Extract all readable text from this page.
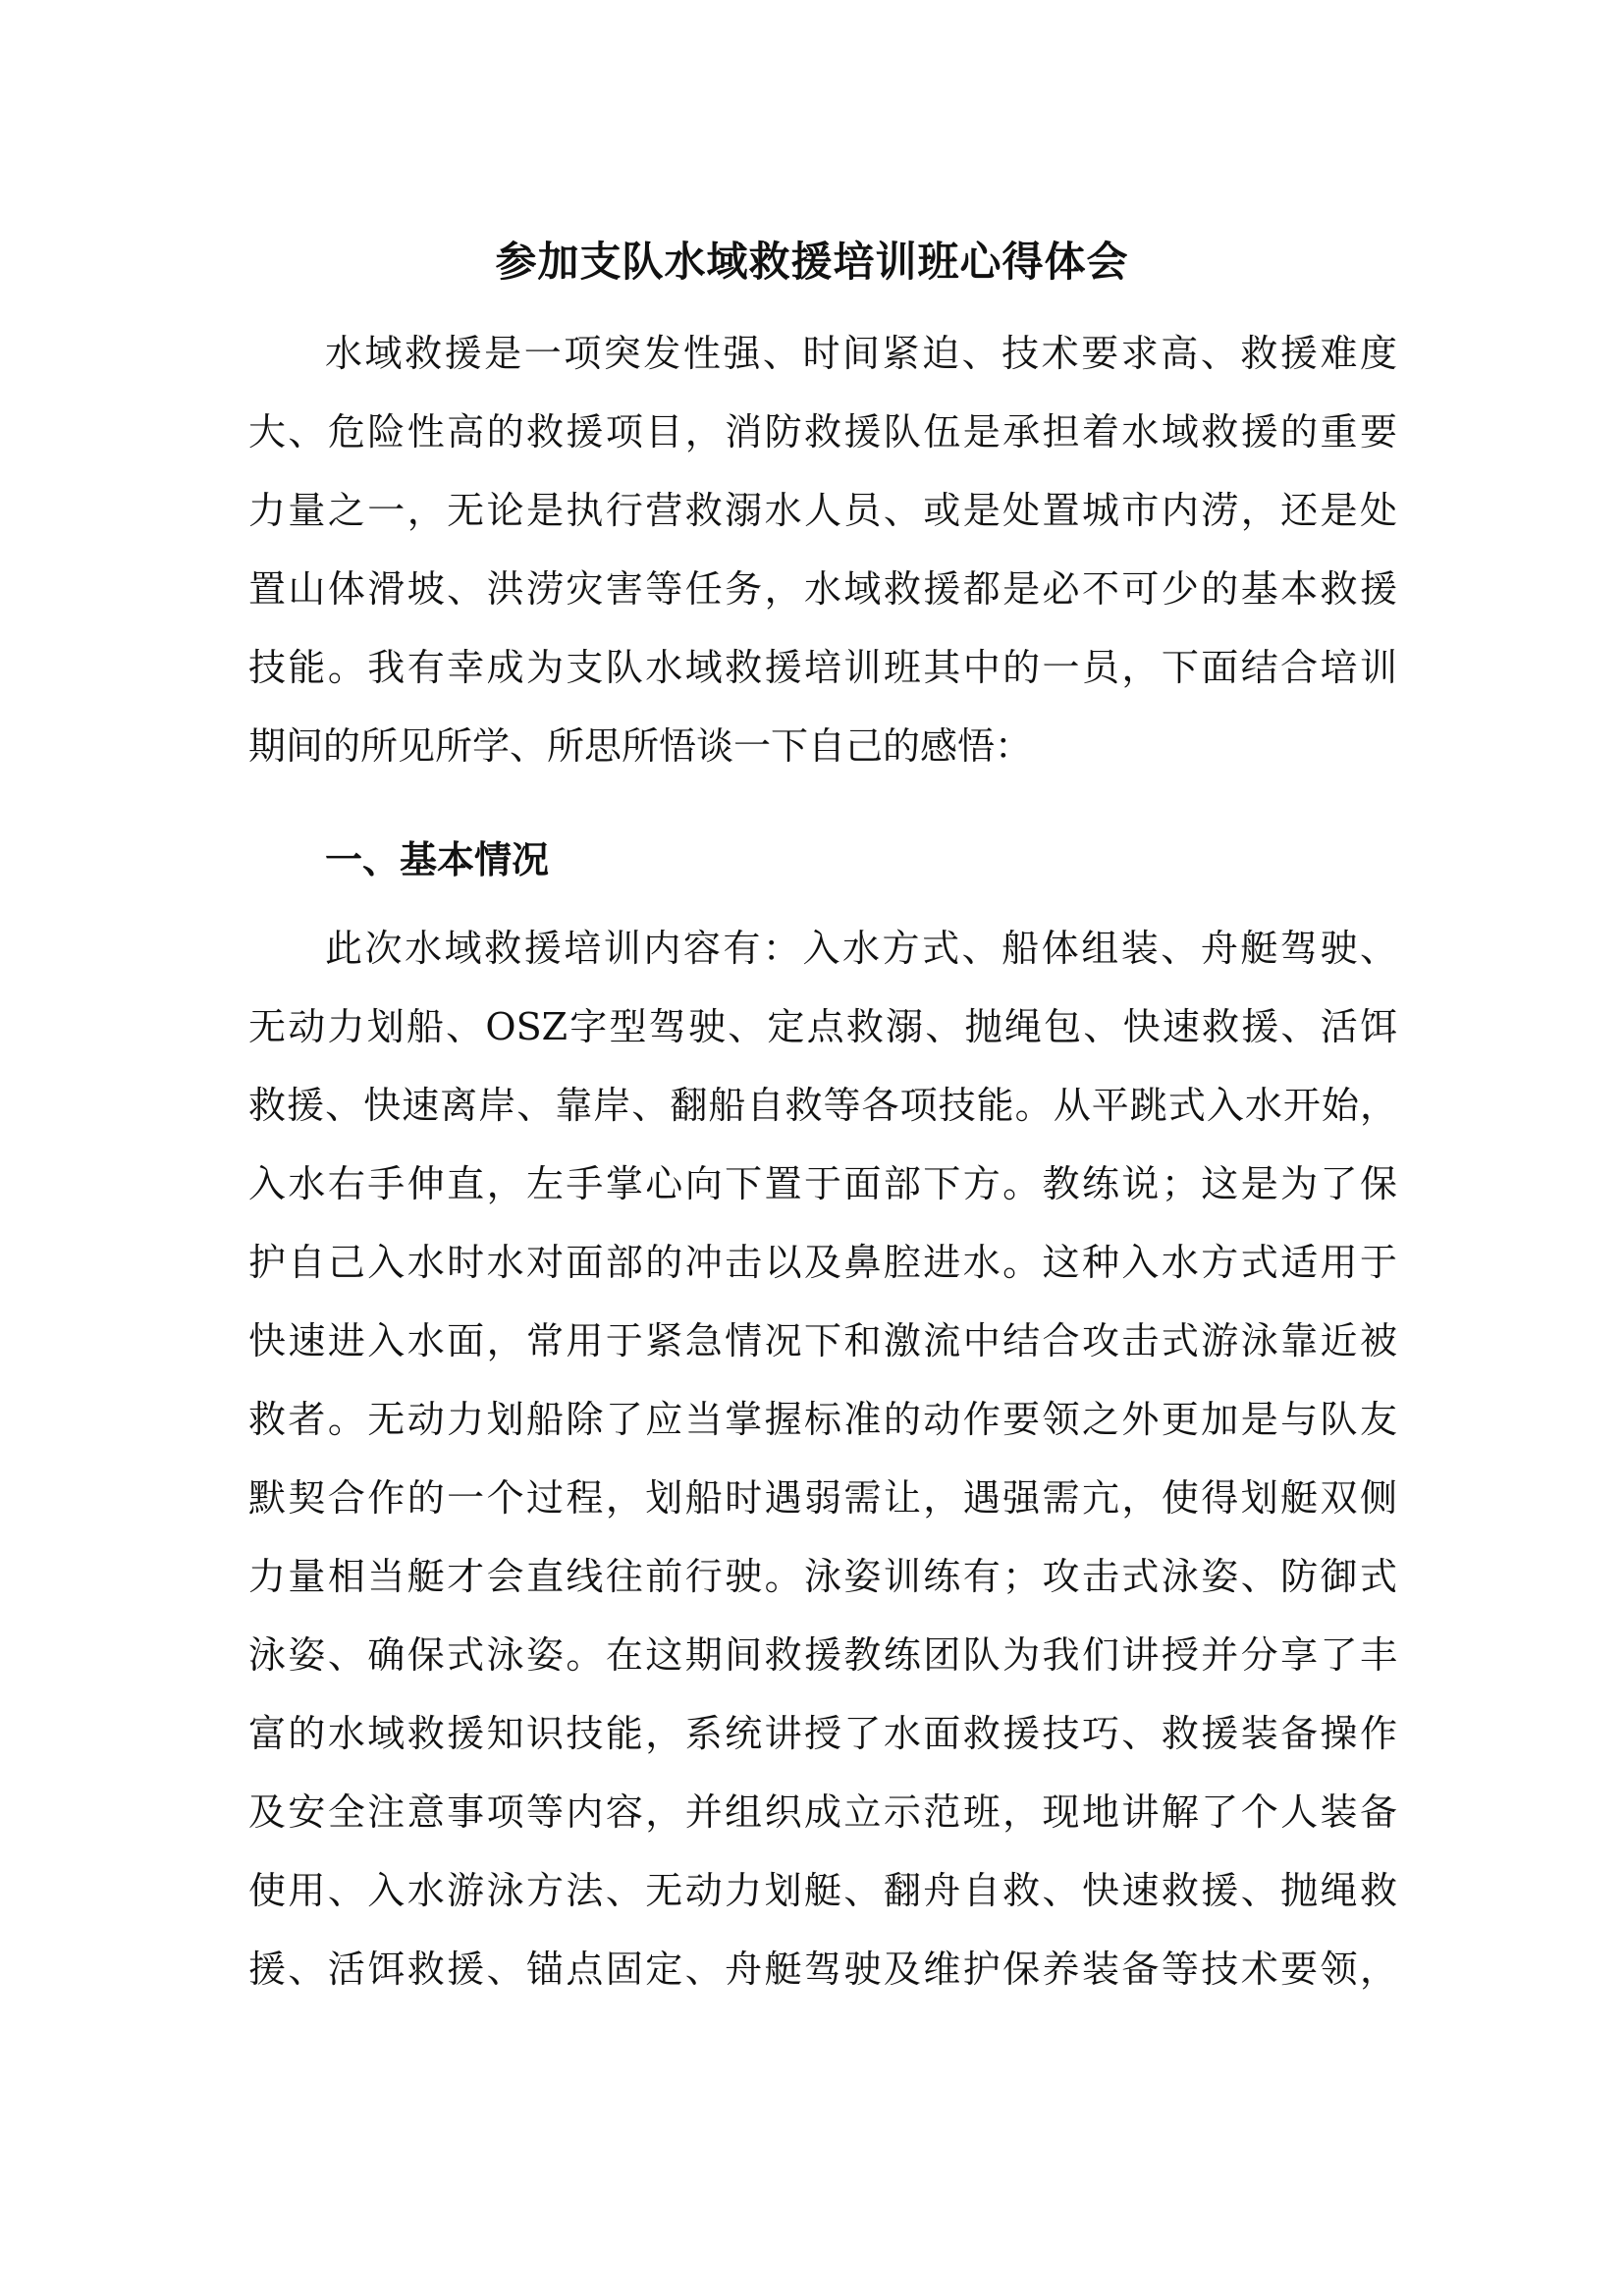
参加支队水域救援培训班心得体会
水域救援是一项突发性强、时间紧迫、技术要求高、救援难度
大、危险性高的救援项目，消防救援队伍是承担着水域救援的重要
力量之一，无论是执行营救溺水人员、或是处置城市内涝，还是处
置山体滑坡、洪涝灾害等任务，水域救援都是必不可少的基本救援
技能。我有幸成为支队水域救援培训班其中的一员，下面结合培训
期间的所见所学、所思所悟谈一下自己的感悟：
一、基本情况
此次水域救援培训内容有：入水方式、船体组装、舟艇驾驶、
无动力划船、OSZ字型驾驶、定点救溺、抛绳包、快速救援、活饵
救援、快速离岸、靠岸、翻船自救等各项技能。从平跳式入水开始，
入水右手伸直，左手掌心向下置于面部下方。教练说；这是为了保
护自己入水时水对面部的冲击以及鼻腔进水。这种入水方式适用于
快速进入水面，常用于紧急情况下和激流中结合攻击式游泳靠近被
救者。无动力划船除了应当掌握标准的动作要领之外更加是与队友
默契合作的一个过程，划船时遇弱需让，遇强需亢，使得划艇双侧
力量相当艇才会直线往前行驶。泳姿训练有；攻击式泳姿、防御式
泳姿、确保式泳姿。在这期间救援教练团队为我们讲授并分享了丰
富的水域救援知识技能，系统讲授了水面救援技巧、救援装备操作
及安全注意事项等内容，并组织成立示范班，现地讲解了个人装备
使用、入水游泳方法、无动力划艇、翻舟自救、快速救援、抛绳救
援、活饵救援、锚点固定、舟艇驾驶及维护保养装备等技术要领，
